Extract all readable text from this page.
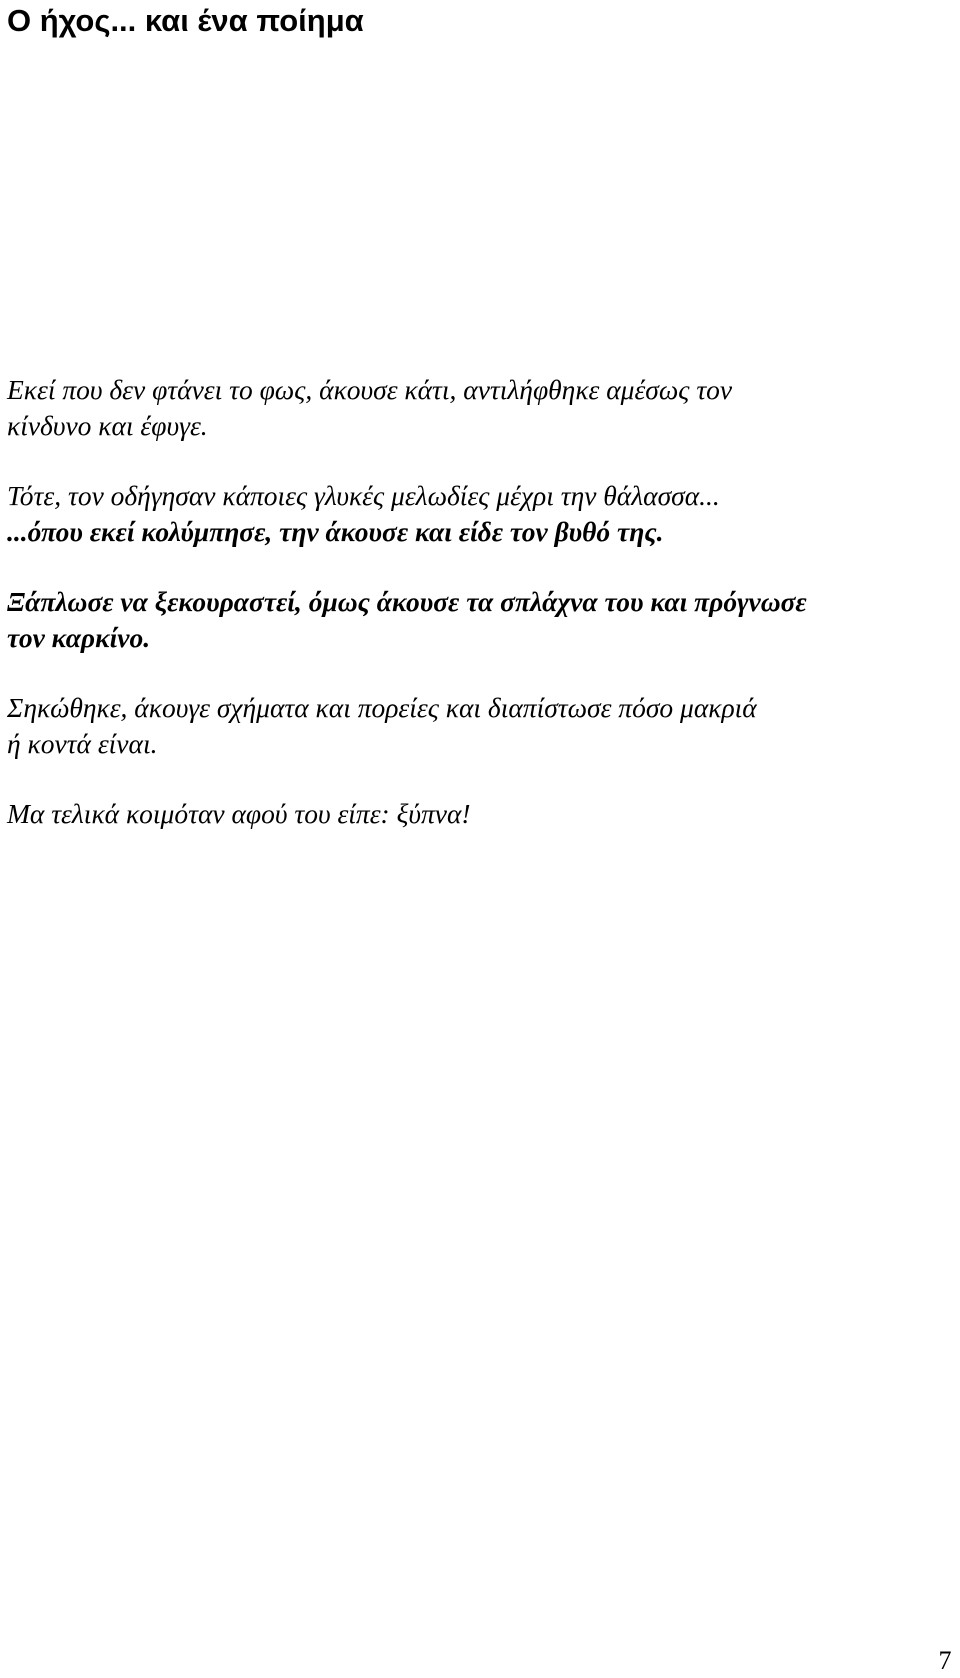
Ο ήχος... και ένα ποίημα

Εκεί που δεν φτάνει το φως, άκουσε κάτι, αντιλήφθηκε αμέσως τον
κίνδυνο και έφυγε.

Τότε, τον οδήγησαν κάποιες γλυκές μελωδίες μέχρι την θάλασσα...
...όπου εκεί κολύμπησε, την άκουσε και είδε τον βυθό της.

Ξάπλωσε να ξεκουραστεί, όμως άκουσε τα σπλάχνα του και πρόγνωσε
τον καρκίνο.

Σηκώθηκε, άκουγε σχήματα και πορείες και διαπίστωσε πόσο μακριά
ή κοντά είναι.

Μα τελικά κοιμόταν αφού του είπε: ξύπνα!

7
